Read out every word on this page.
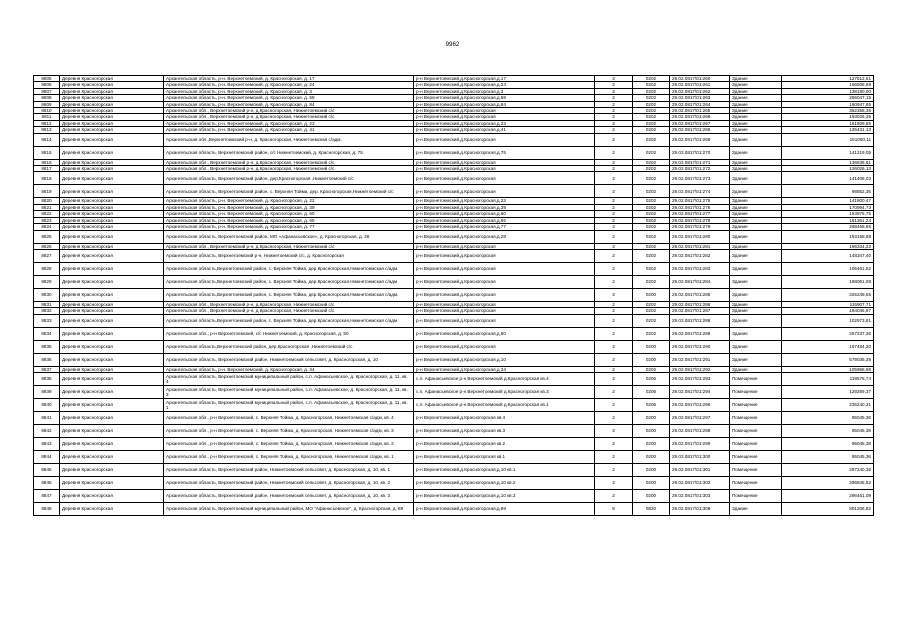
9962
8805	Деревня Красногорская	Архангельская область, р-н. Верхнетоемский, д. Красногорская, д. 17	р-н Верхнетоемский,д.Красногорская,д.17	2	0202	29.02.0817\01:260	Здание	127512,61
8806	Деревня Красногорская	Архангельская область, р-н. Верхнетоемский, д. Красногорская, д. 24	р-н Верхнетоемский,д.Красногорская,д.24	2	0202	29.02.0817\01:261	Здание	166508,69
8807	Деревня Красногорская	Архангельская область, р-н. Верхнетоемский, д. Красногорская, д. 3	р-н Верхнетоемский,д.Красногорская,д.3	2	0202	29.02.0817\01:262	Здание	138180,00
8808	Деревня Красногорская	Архангельская область, р-н. Верхнетоемский, д. Красногорская, д. 58	р-н Верхнетоемский,д.Красногорская,д.58	2	0202	29.02.0817\01:263	Здание	256047,15
8809	Деревня Красногорская	Архангельская область, р-н. Верхнетоемский, д. Красногорская, д. 84	р-н Верхнетоемский,д.Красногорская,д.84	2	0202	29.02.0817\01:264	Здание	160947,65
8810	Деревня Красногорская	Архангельская обл., Верхнетоемский р-н, д.Красногорская, Нижнетоемский с/с	р-н Верхнетоемский,д.Красногорская	2	0202	29.02.0817\01:265	Здание	362358,35
8811	Деревня Красногорская	Архангельская обл., Верхнетоемский р-н, д.Красногорская, Нижнетоемский с/с	р-н Верхнетоемский,д.Красногорская	2	0202	29.02.0817\01:266	Здание	193026,35
8812	Деревня Красногорская	Архангельская область, р-н. Верхнетоемский, д. Красногорская, д. 23	р-н Верхнетоемский,д.Красногорская,д.23	2	0202	29.02.0817\01:267	Здание	161809,85
8813	Деревня Красногорская	Архангельская область, р-н. Верхнетоемский, д. Красногорская, д. 41	р-н Верхнетоемский,д.Красногорская,д.41	2	0202	29.02.0817\01:268	Здание	135431,13
8814	Деревня Красногорская	Архангельская обл.,Верхнетоемский р-н, д. Красногорская, Нижнетоемская с/адм.	р-н Верхнетоемский,д.Красногорская	2	0202	29.02.0817\01:269	Здание	151050,11
8815	Деревня Красногорская	Архангельская область, Верхнетоемский район, с/с Нижнетоемский, д. Красногорская, д. 75	р-н Верхнетоемский,д.Красногорская,д.75	2	0202	29.02.0817\01:270	Здание	141219,05
8816	Деревня Красногорская	Архангельская обл., Верхнетоемский р-н, д.Красногорская, Нижнетоемский с/с	р-н Верхнетоемский,д.Красногорская	2	0202	29.02.0817\01:271	Здание	136836,61
8817	Деревня Красногорская	Архангельская обл., Верхнетоемский р-н, д.Красногорская, Нижнетоемский с/с	р-н Верхнетоемский,д.Красногорская	2	0202	29.02.0817\01:272	Здание	126026,13
8818	Деревня Красногорская	Архангельская область, Верхнетоемский район, дер.Красногорская ,Нижнетоемский с/с	р-н Верхнетоемский,д.Красногорская	2	0202	29.02.0817\01:273	Здание	141406,03
8819	Деревня Красногорская	Архангельская область, Верхнетоемский район, с. Верхняя Тойма, дер. Красногорская,Нижнетоемский с/с	р-н Верхнетоемский,д.Красногорская	2	0202	29.02.0817\01:274	Здание	98852,35
8820	Деревня Красногорская	Архангельская область, р-н. Верхнетоемский, д. Красногорская, д. 22	р-н Верхнетоемский,д.Красногорская,д.22	2	0202	29.02.0817\01:275	Здание	141800,47
8821	Деревня Красногорская	Архангельская область, р-н. Верхнетоемский, д. Красногорская, д. 39	р-н Верхнетоемский,д.Красногорская,д.39	2	0202	29.02.0817\01:276	Здание	170994,73
8822	Деревня Красногорская	Архангельская область, р-н. Верхнетоемский, д. Красногорская, д. 60	р-н Верхнетоемский,д.Красногорская,д.60	2	0202	29.02.0817\01:277	Здание	153975,75
8823	Деревня Красногорская	Архангельская область, р-н. Верхнетоемский, д. Красногорская, д. 65	р-н Верхнетоемский,д.Красногорская,д.65	2	0202	29.02.0817\01:278	Здание	161361,24
8824	Деревня Красногорская	Архангельская область, р-н. Верхнетоемский, д. Красногорская, д. 77	р-н Верхнетоемский,д.Красногорская,д.77	2	0202	29.02.0817\01:279	Здание	268458,85
8825	Деревня Красногорская	Архангельская область, Верхнетоемский район, МО «Афанасьевское», д. Красногорская, д. 28	р-н Верхнетоемский,д.Красногорская,д.28	2	0202	29.02.0817\01:280	Здание	163158,88
8826	Деревня Красногорская	Архангельская обл., Верхнетоемский р-н, д.Красногорская, Нижнетоемский с/с	р-н Верхнетоемский,д.Красногорская	2	0202	29.02.0817\01:281	Здание	196334,22
8827	Деревня Красногорская	Архангельская область, Верхнетоемский р-н, Нижнетоемский с/с, д. Красногорская	р-н Верхнетоемский,д.Красногорская	2	0202	29.02.0817\01:282	Здание	148347,40
8828	Деревня Красногорская	Архангельская область,Верхнетоемский район, с. Верхняя Тойма, дер.Красногорская,Нижнетоемская с/адм.	р-н Верхнетоемский,д.Красногорская	2	0202	29.02.0817\01:283	Здание	105461,52
8829	Деревня Красногорская	Архангельская область,Верхнетоемский район, с. Верхняя Тойма, дер.Красногорская,Нижнетоемская с/адм	р-н Верхнетоемский,д.Красногорская	2	0202	29.02.0817\01:284	Здание	168061,08
8830	Деревня Красногорская	Архангельская область,Верхнетоемский район, с. Верхняя Тойма, дер.Красногорская,Нижнетоемская с/адм.	р-н Верхнетоемский,д.Красногорская	2	0200	29.02.0817\01:285	Здание	325249,55
8831	Деревня Красногорская	Архангельская обл., Верхнетоемский р-н, д.Красногорская, Нижнетоемский с/с	р-н Верхнетоемский,д.Красногорская	2	0202	29.02.0817\01:286	Здание	115907,71
8832	Деревня Красногорская	Архангельская обл., Верхнетоемский р-н, д.Красногорская, Нижнетоемский с/с	р-н Верхнетоемский,д.Красногорская	2	0202	29.02.0817\01:287	Здание	164046,87
8833	Деревня Красногорская	Архангельская область,Верхнетоемский район, с. Верхняя Тойма, дер.Красногорская,Нижнетоемская с/адм	р-н Верхнетоемский,д.Красногорская	2	0202	29.02.0817\01:288	Здание	102973,81
8834	Деревня Красногорская	Архангельская обл., р-н Верхнетоемский, с/с Нижнетоемский, д. Красногорская, д. 50	р-н Верхнетоемский,д.Красногорская,д.50	2	0202	29.02.0817\01:289	Здание	257237,36
8835	Деревня Красногорская	Архангельская область,Верхнетоемский район, дер.Красногорская ,Нижнетоемский с/с	р-н Верхнетоемский,д.Красногорская	2	0200	29.02.0817\01:290	Здание	167454,30
8836	Деревня Красногорская	Архангельская область, Верхнетоемский район, Нижнетоемский сельсовет, д. Красногорская, д. 10	р-н Верхнетоемский,д.Красногорская,д.10	2	0200	29.02.0817\01:291	Здание	579036,39
8837	Деревня Красногорская	Архангельская область, р-н. Верхнетоемский, д. Красногорская, д. 34	р-н Верхнетоемский,д.Красногорская,д.34	2	0202	29.02.0817\01:292	Здание	105958,98
8838	Деревня Красногорская	Архангельская область, Верхнетоемский муниципальный район, с.п. Афанасьевское, д. Красногорская, д. 11, кв. 4	с.п. Афанасьевское р-н Верхнетоемский д.Красногорская кв.4	2	0206	29.02.0817\01:293	Помещение	119578,74
8839	Деревня Красногорская	Архангельская область, Верхнетоемский муниципальный район, с.п. Афанасьевское, д. Красногорская, д. 11, кв. 3	с.п. Афанасьевское р-н Верхнетоемский д.Красногорская кв.3	2	0206	29.02.0817\01:294	Помещение	129269,37
8840	Деревня Красногорская	Архангельская область, Верхнетоемский муниципальный район, с.п. Афанасьевское, д. Красногорская, д. 11, кв. 1	с.п. Афанасьевское р-н Верхнетоемский д.Красногорская кв.1	2	0206	29.02.0817\01:296	Помещение	235240,31
8841	Деревня Красногорская	Архангельская обл., р-н Верхнетоемский, с. Верхняя Тойма, д. Красногорская, Нижнетоемская с/адм, кв. 4	р-н Верхнетоемский,д.Красногорская кв.4	2	0200	29.02.0817\01:297	Помещение	95045,36
8842	Деревня Красногорская	Архангельская обл., р-н Верхнетоемский, с. Верхняя Тойма, д. Красногорская, Нижнетоемская с/адм, кв. 3	р-н Верхнетоемский,д.Красногорская кв.3	2	0200	29.02.0817\01:298	Помещение	95045,38
8843	Деревня Красногорская	Архангельская обл., р-н Верхнетоемский, с. Верхняя Тойма, д. Красногорская, Нижнетоемская с/адм, кв. 2	р-н Верхнетоемский,д.Красногорская кв.2	2	0200	29.02.0817\01:299	Помещение	95045,38
8844	Деревня Красногорская	Архангельская обл., р-н Верхнетоемский, с. Верхняя Тойма, д. Красногорская, Нижнетоемская с/адм, кв. 1	р-н Верхнетоемский,д.Красногорская кв.1	2	0200	29.02.0817\01:300	Помещение	95045,36
8845	Деревня Красногорская	Архангельская область, Верхнетоемский район, Нижнетоемский сельсовет, д. Красногорская, д. 10, кв. 1	р-н Верхнетоемский,д.Красногорская,д.10 кв.1	2	0200	29.02.0817\01:301	Помещение	297240,36
8846	Деревня Красногорская	Архангельская область, Верхнетоемский район, Нижнетоемский сельсовет, д. Красногорская, д. 10, кв. 2	р-н Верхнетоемский,д.Красногорская,д.10 кв.2	2	0200	29.02.0817\01:302	Помещение	296845,92
8847	Деревня Красногорская	Архангельская область, Верхнетоемский район, Нижнетоемский сельсовет, д. Красногорская, д. 10, кв. 3	р-н Верхнетоемский,д.Красногорская,д.10 кв.3	2	0200	29.02.0817\01:303	Помещение	296451,09
8848	Деревня Красногорская	Архангельская область, Верхнетоемский муниципальный район, МО "Афанасьевское", д. Красногорская, д. 89	р-н Верхнетоемский,д.Красногорская,д.89	8	0820	29.02.0817\01:306	Здание	801206,82
